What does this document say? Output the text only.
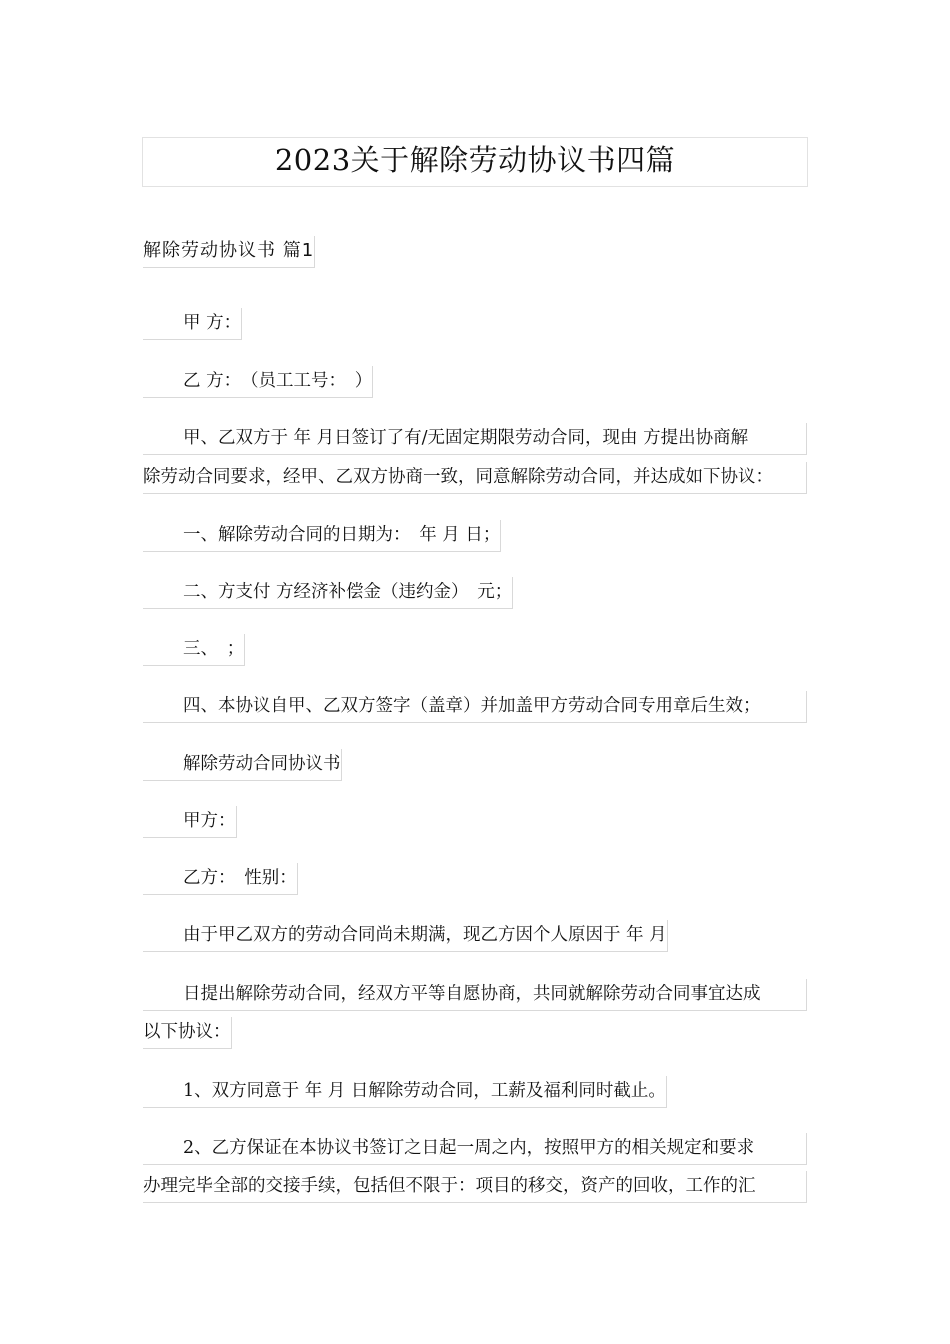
2023关于解除劳动协议书四篇
解除劳动协议书 篇1
甲 方：
乙 方：　（员工工号：　）
甲、乙双方于 年 月日签订了有/无固定期限劳动合同，现由 方提出协商解
除劳动合同要求，经甲、乙双方协商一致，同意解除劳动合同，并达成如下协议：
一、解除劳动合同的日期为：　年 月 日；
二、方支付 方经济补偿金（违约金）　元；
三、　；
四、本协议自甲、乙双方签字（盖章）并加盖甲方劳动合同专用章后生效；
解除劳动合同协议书
甲方：
乙方：　性别：
由于甲乙双方的劳动合同尚未期满，现乙方因个人原因于 年 月
日提出解除劳动合同，经双方平等自愿协商，共同就解除劳动合同事宜达成
以下协议：
1、双方同意于 年 月 日解除劳动合同，工薪及福利同时截止。
2、乙方保证在本协议书签订之日起一周之内，按照甲方的相关规定和要求
办理完毕全部的交接手续，包括但不限于：项目的移交，资产的回收，工作的汇
